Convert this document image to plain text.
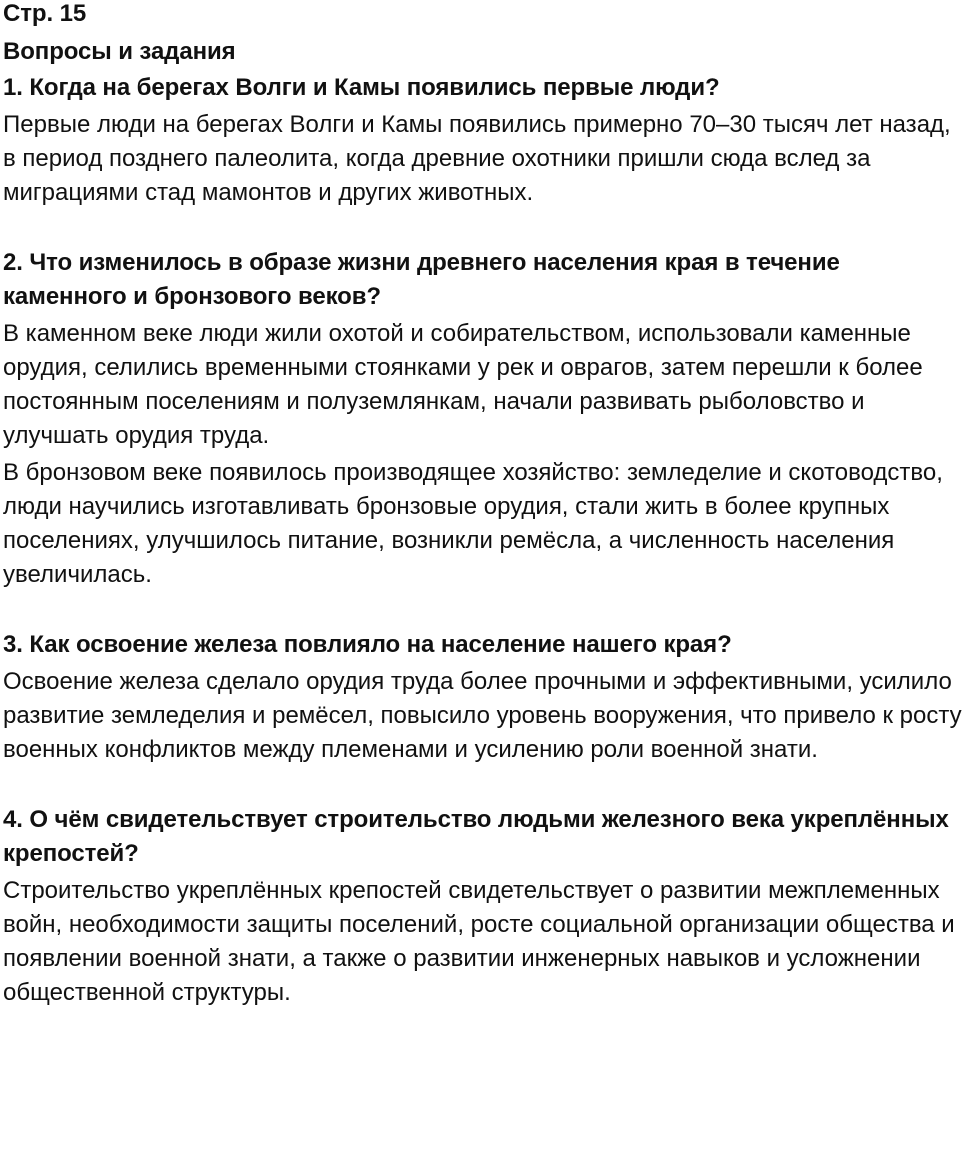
Стр. 15

Вопросы и задания

1. Когда на берегах Волги и Камы появились первые люди?

Первые люди на берегах Волги и Камы появились примерно 70–30 тысяч лет назад, в период позднего палеолита, когда древние охотники пришли сюда вслед за миграциями стад мамонтов и других животных.

2. Что изменилось в образе жизни древнего населения края в течение каменного и бронзового веков?

В каменном веке люди жили охотой и собирательством, использовали каменные орудия, селились временными стоянками у рек и оврагов, затем перешли к более постоянным поселениям и полуземлянкам, начали развивать рыболовство и улучшать орудия труда.

В бронзовом веке появилось производящее хозяйство: земледелие и скотоводство, люди научились изготавливать бронзовые орудия, стали жить в более крупных поселениях, улучшилось питание, возникли ремёсла, а численность населения увеличилась.

3. Как освоение железа повлияло на население нашего края?

Освоение железа сделало орудия труда более прочными и эффективными, усилило развитие земледелия и ремёсел, повысило уровень вооружения, что привело к росту военных конфликтов между племенами и усилению роли военной знати.

4. О чём свидетельствует строительство людьми железного века укреплённых крепостей?

Строительство укреплённых крепостей свидетельствует о развитии межплеменных войн, необходимости защиты поселений, росте социальной организации общества и появлении военной знати, а также о развитии инженерных навыков и усложнении общественной структуры.
